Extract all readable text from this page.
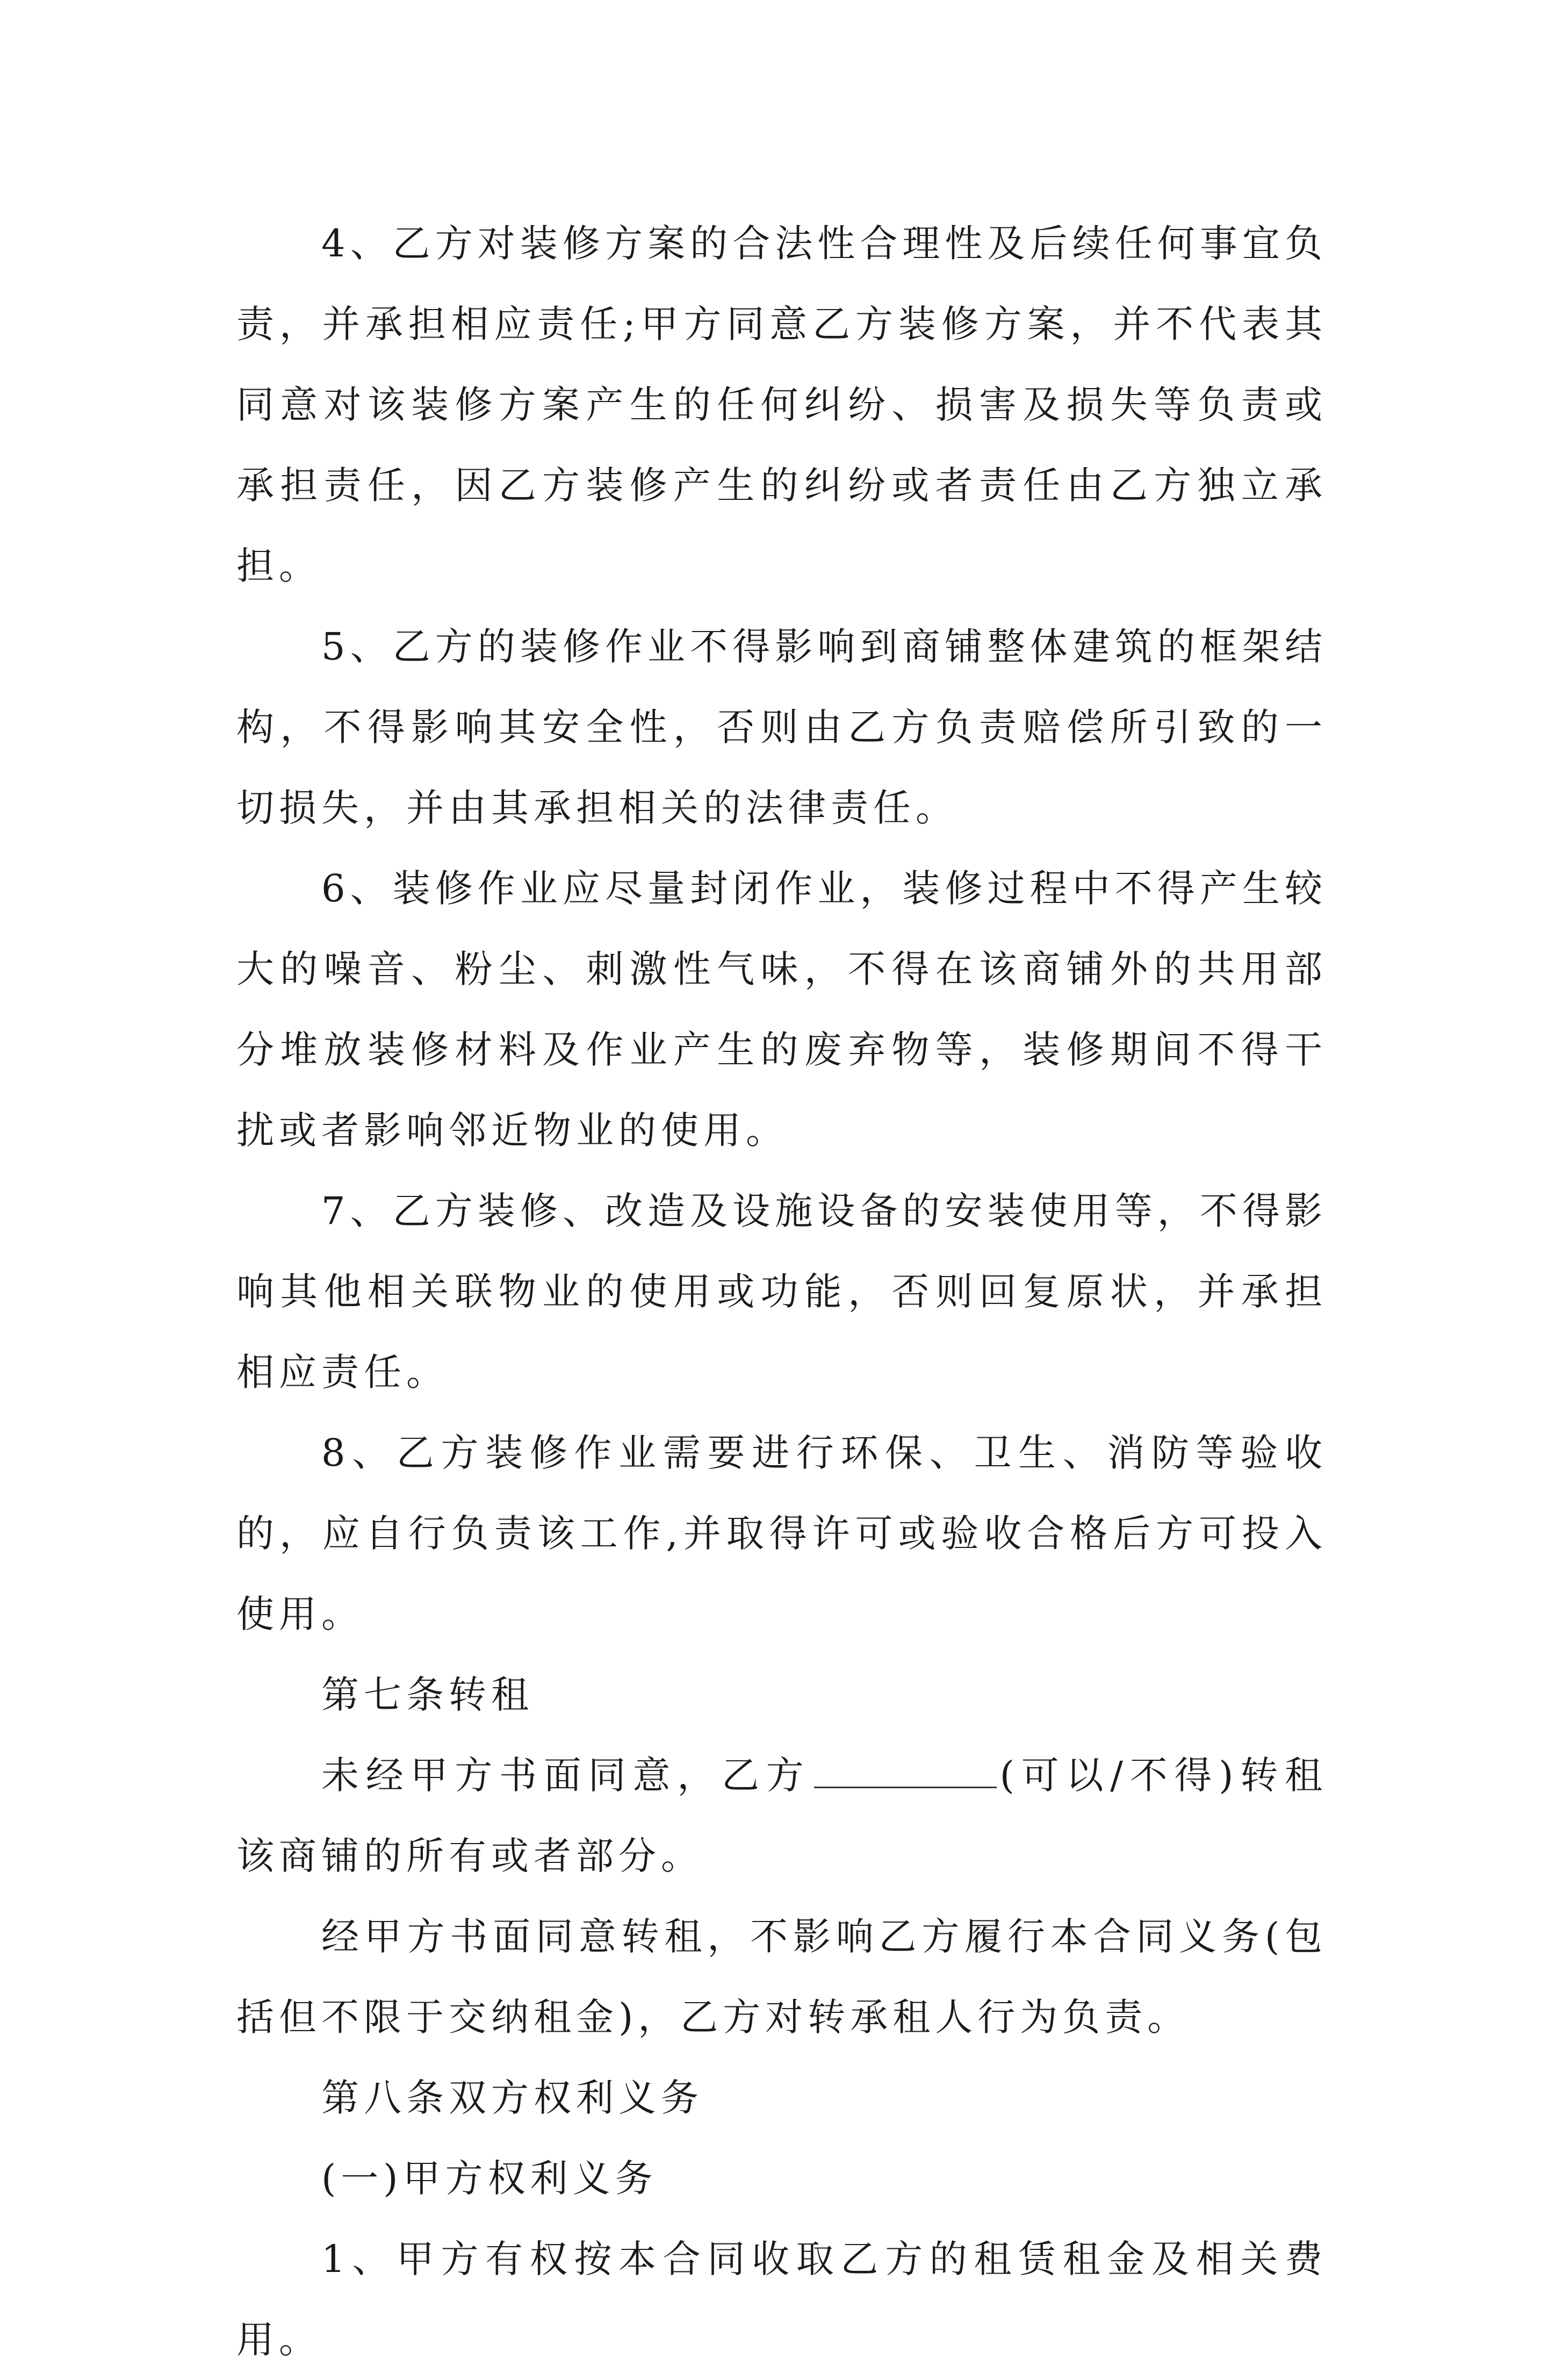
4、乙方对装修方案的合法性合理性及后续任何事宜负责，并承担相应责任;甲方同意乙方装修方案，并不代表其同意对该装修方案产生的任何纠纷、损害及损失等负责或承担责任，因乙方装修产生的纠纷或者责任由乙方独立承担。

5、乙方的装修作业不得影响到商铺整体建筑的框架结构，不得影响其安全性，否则由乙方负责赔偿所引致的一切损失，并由其承担相关的法律责任。

6、装修作业应尽量封闭作业，装修过程中不得产生较大的噪音、粉尘、刺激性气味，不得在该商铺外的共用部分堆放装修材料及作业产生的废弃物等，装修期间不得干扰或者影响邻近物业的使用。

7、乙方装修、改造及设施设备的安装使用等，不得影响其他相关联物业的使用或功能，否则回复原状，并承担相应责任。

8、乙方装修作业需要进行环保、卫生、消防等验收的，应自行负责该工作,并取得许可或验收合格后方可投入使用。

第七条转租

未经甲方书面同意，乙方	(可以/不得)转租该商铺的所有或者部分。

经甲方书面同意转租，不影响乙方履行本合同义务(包括但不限于交纳租金)，乙方对转承租人行为负责。

第八条双方权利义务

(一)甲方权利义务

1、甲方有权按本合同收取乙方的租赁租金及相关费用。
